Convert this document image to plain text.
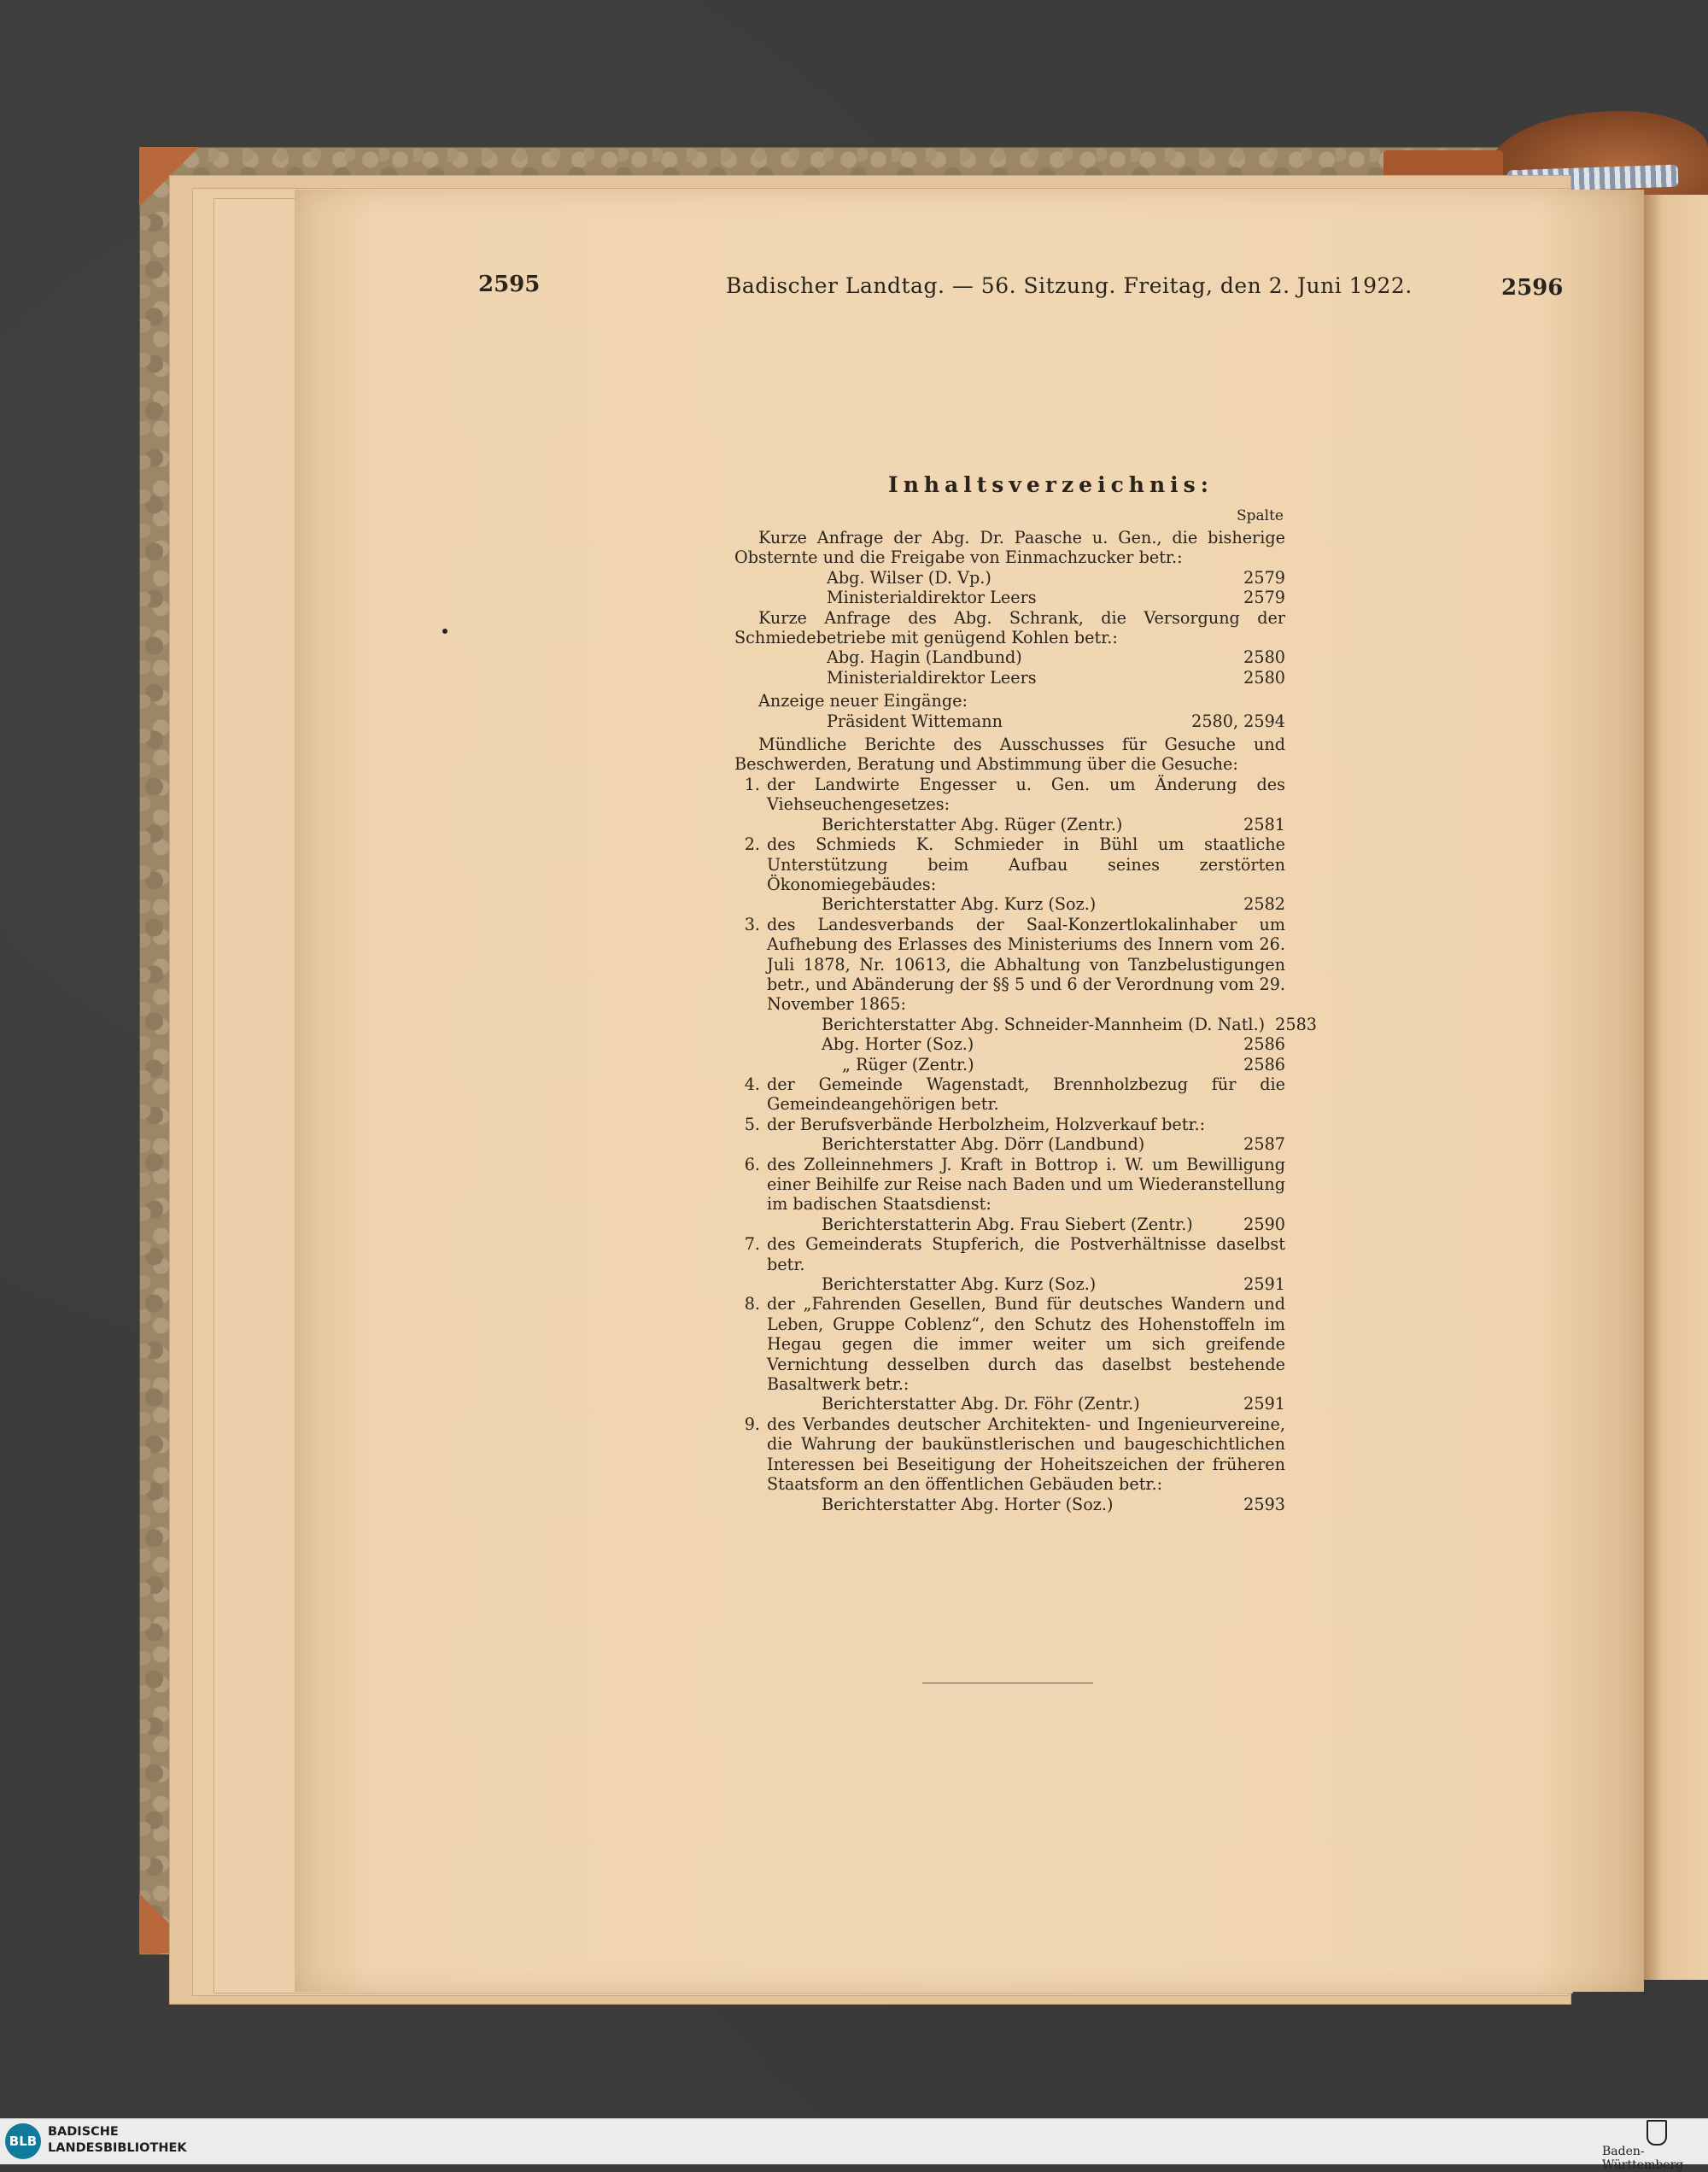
2595	Badischer Landtag. — 56. Sitzung. Freitag, den 2. Juni 1922.	2596
Inhaltsverzeichnis:
Spalte
Kurze Anfrage der Abg. Dr. Paasche u. Gen., die bisherige Obsternte und die Freigabe von Einmachzucker betr.:
Abg. Wilser (D. Vp.)	2579
Ministerialdirektor Leers	2579
Kurze Anfrage des Abg. Schrank, die Versorgung der Schmiedebetriebe mit genügend Kohlen betr.:
Abg. Hagin (Landbund)	2580
Ministerialdirektor Leers	2580
Anzeige neuer Eingänge:
Präsident Wittemann	2580, 2594
Mündliche Berichte des Ausschusses für Gesuche und Beschwerden, Beratung und Abstimmung über die Gesuche:
1. der Landwirte Engesser u. Gen. um Änderung des Viehseuchengesetzes:
Berichterstatter Abg. Rüger (Zentr.)	2581
2. des Schmieds K. Schmieder in Bühl um staatliche Unterstützung beim Aufbau seines zerstörten Ökonomiegebäudes:
Berichterstatter Abg. Kurz (Soz.)	2582
3. des Landesverbands der Saal-Konzertlokalinhaber um Aufhebung des Erlasses des Ministeriums des Innern vom 26. Juli 1878, Nr. 10613, die Abhaltung von Tanzbelustigungen betr., und Abänderung der §§ 5 und 6 der Verordnung vom 29. November 1865:
Berichterstatter Abg. Schneider-Mannheim (D. Natl.) 2583
Abg. Horter (Soz.)	2586
„ Rüger (Zentr.)	2586
4. der Gemeinde Wagenstadt, Brennholzbezug für die Gemeindeangehörigen betr.
5. der Berufsverbände Herbolzheim, Holzverkauf betr.:
Berichterstatter Abg. Dörr (Landbund)	2587
6. des Zolleinnehmers J. Kraft in Bottrop i. W. um Bewilligung einer Beihilfe zur Reise nach Baden und um Wiederanstellung im badischen Staatsdienst:
Berichterstatterin Abg. Frau Siebert (Zentr.)	2590
7. des Gemeinderats Stupferich, die Postverhältnisse daselbst betr.
Berichterstatter Abg. Kurz (Soz.)	2591
8. der „Fahrenden Gesellen, Bund für deutsches Wandern und Leben, Gruppe Coblenz“, den Schutz des Hohenstoffeln im Hegau gegen die immer weiter um sich greifende Vernichtung desselben durch das daselbst bestehende Basaltwerk betr.:
Berichterstatter Abg. Dr. Föhr (Zentr.)	2591
9. des Verbandes deutscher Architekten- und Ingenieurvereine, die Wahrung der baukünstlerischen und baugeschichtlichen Interessen bei Beseitigung der Hoheitszeichen der früheren Staatsform an den öffentlichen Gebäuden betr.:
Berichterstatter Abg. Horter (Soz.)	2593
BLB
BADISCHE
LANDESBIBLIOTHEK	Baden-Württemberg
